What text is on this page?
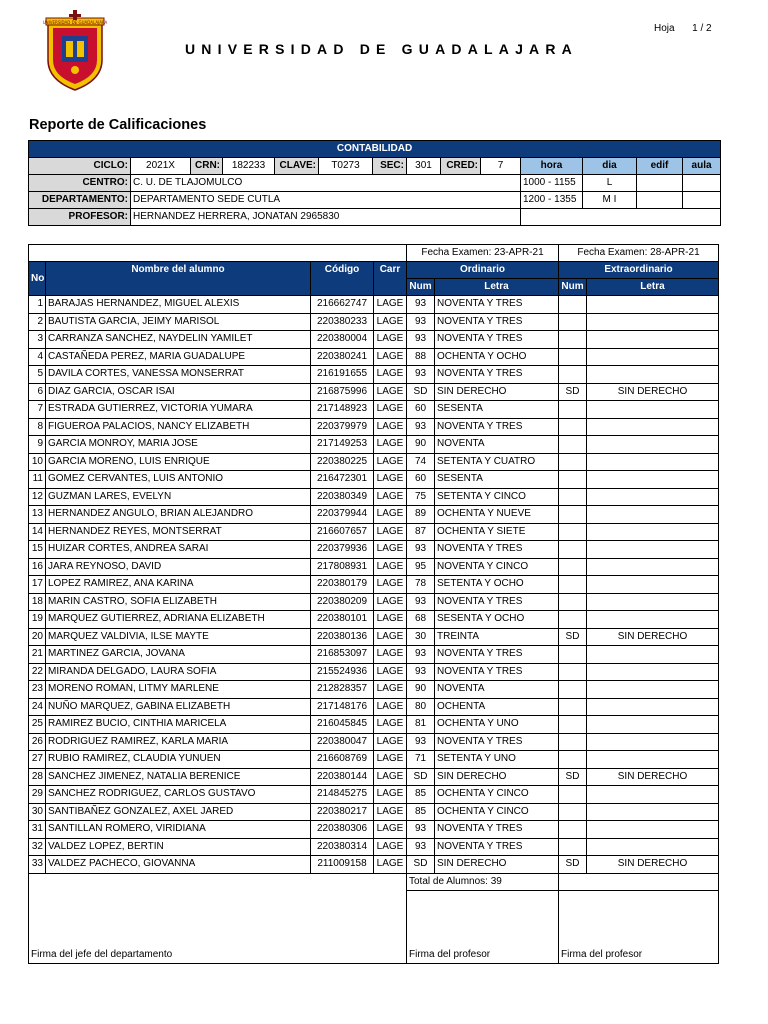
UNIVERSIDAD DE GUADALAJARA
UNIVERSIDAD DE GUADALAJARA
Hoja 1 / 2
Reporte de Calificaciones
CONTABILIDAD													
CICLO:	2021X	CRN:	182233	CLAVE:	T0273	SEC:	301	CRED:	7	hora	dia	edif	aula
CENTRO:	C. U. DE TLAJOMULCO									1000 - 1155	L		
DEPARTAMENTO:	DEPARTAMENTO SEDE CUTLA									1200 - 1355	M I		
PROFESOR:	HERNANDEZ HERRERA, JONATAN 2965830												
				Fecha Examen: 23-APR-21		Fecha Examen: 28-APR-21	
No	Nombre del alumno	Código	Carr	Ordinario		Extraordinario	
				Num	Letra	Num	Letra
1	BARAJAS HERNANDEZ, MIGUEL ALEXIS	216662747	LAGE	93	NOVENTA Y TRES		
2	BAUTISTA GARCIA, JEIMY MARISOL	220380233	LAGE	93	NOVENTA Y TRES		
3	CARRANZA SANCHEZ, NAYDELIN YAMILET	220380004	LAGE	93	NOVENTA Y TRES		
4	CASTAÑEDA PEREZ, MARIA GUADALUPE	220380241	LAGE	88	OCHENTA Y OCHO		
5	DAVILA CORTES, VANESSA MONSERRAT	216191655	LAGE	93	NOVENTA Y TRES		
6	DIAZ GARCIA, OSCAR ISAI	216875996	LAGE	SD	SIN DERECHO	SD	SIN DERECHO
7	ESTRADA GUTIERREZ, VICTORIA YUMARA	217148923	LAGE	60	SESENTA		
8	FIGUEROA PALACIOS, NANCY ELIZABETH	220379979	LAGE	93	NOVENTA Y TRES		
9	GARCIA MONROY, MARIA JOSE	217149253	LAGE	90	NOVENTA		
10	GARCIA MORENO, LUIS ENRIQUE	220380225	LAGE	74	SETENTA Y CUATRO		
11	GOMEZ CERVANTES, LUIS ANTONIO	216472301	LAGE	60	SESENTA		
12	GUZMAN LARES, EVELYN	220380349	LAGE	75	SETENTA Y CINCO		
13	HERNANDEZ ANGULO, BRIAN ALEJANDRO	220379944	LAGE	89	OCHENTA Y NUEVE		
14	HERNANDEZ REYES, MONTSERRAT	216607657	LAGE	87	OCHENTA Y SIETE		
15	HUIZAR CORTES, ANDREA SARAI	220379936	LAGE	93	NOVENTA Y TRES		
16	JARA REYNOSO, DAVID	217808931	LAGE	95	NOVENTA Y CINCO		
17	LOPEZ RAMIREZ, ANA KARINA	220380179	LAGE	78	SETENTA Y OCHO		
18	MARIN CASTRO, SOFIA ELIZABETH	220380209	LAGE	93	NOVENTA Y TRES		
19	MARQUEZ GUTIERREZ, ADRIANA ELIZABETH	220380101	LAGE	68	SESENTA Y OCHO		
20	MARQUEZ VALDIVIA, ILSE MAYTE	220380136	LAGE	30	TREINTA	SD	SIN DERECHO
21	MARTINEZ GARCIA, JOVANA	216853097	LAGE	93	NOVENTA Y TRES		
22	MIRANDA DELGADO, LAURA SOFIA	215524936	LAGE	93	NOVENTA Y TRES		
23	MORENO ROMAN, LITMY MARLENE	212828357	LAGE	90	NOVENTA		
24	NUÑO MARQUEZ, GABINA ELIZABETH	217148176	LAGE	80	OCHENTA		
25	RAMIREZ BUCIO, CINTHIA MARICELA	216045845	LAGE	81	OCHENTA Y UNO		
26	RODRIGUEZ RAMIREZ, KARLA MARIA	220380047	LAGE	93	NOVENTA Y TRES		
27	RUBIO RAMIREZ, CLAUDIA YUNUEN	216608769	LAGE	71	SETENTA Y UNO		
28	SANCHEZ JIMENEZ, NATALIA BERENICE	220380144	LAGE	SD	SIN DERECHO	SD	SIN DERECHO
29	SANCHEZ RODRIGUEZ, CARLOS GUSTAVO	214845275	LAGE	85	OCHENTA Y CINCO		
30	SANTIBAÑEZ GONZALEZ, AXEL JARED	220380217	LAGE	85	OCHENTA Y CINCO		
31	SANTILLAN ROMERO, VIRIDIANA	220380306	LAGE	93	NOVENTA Y TRES		
32	VALDEZ LOPEZ, BERTIN	220380314	LAGE	93	NOVENTA Y TRES		
33	VALDEZ PACHECO, GIOVANNA	211009158	LAGE	SD	SIN DERECHO	SD	SIN DERECHO
				Total de Alumnos: 39			

Firma del jefe del departamento				Firma del profesor		Firma del profesor	
